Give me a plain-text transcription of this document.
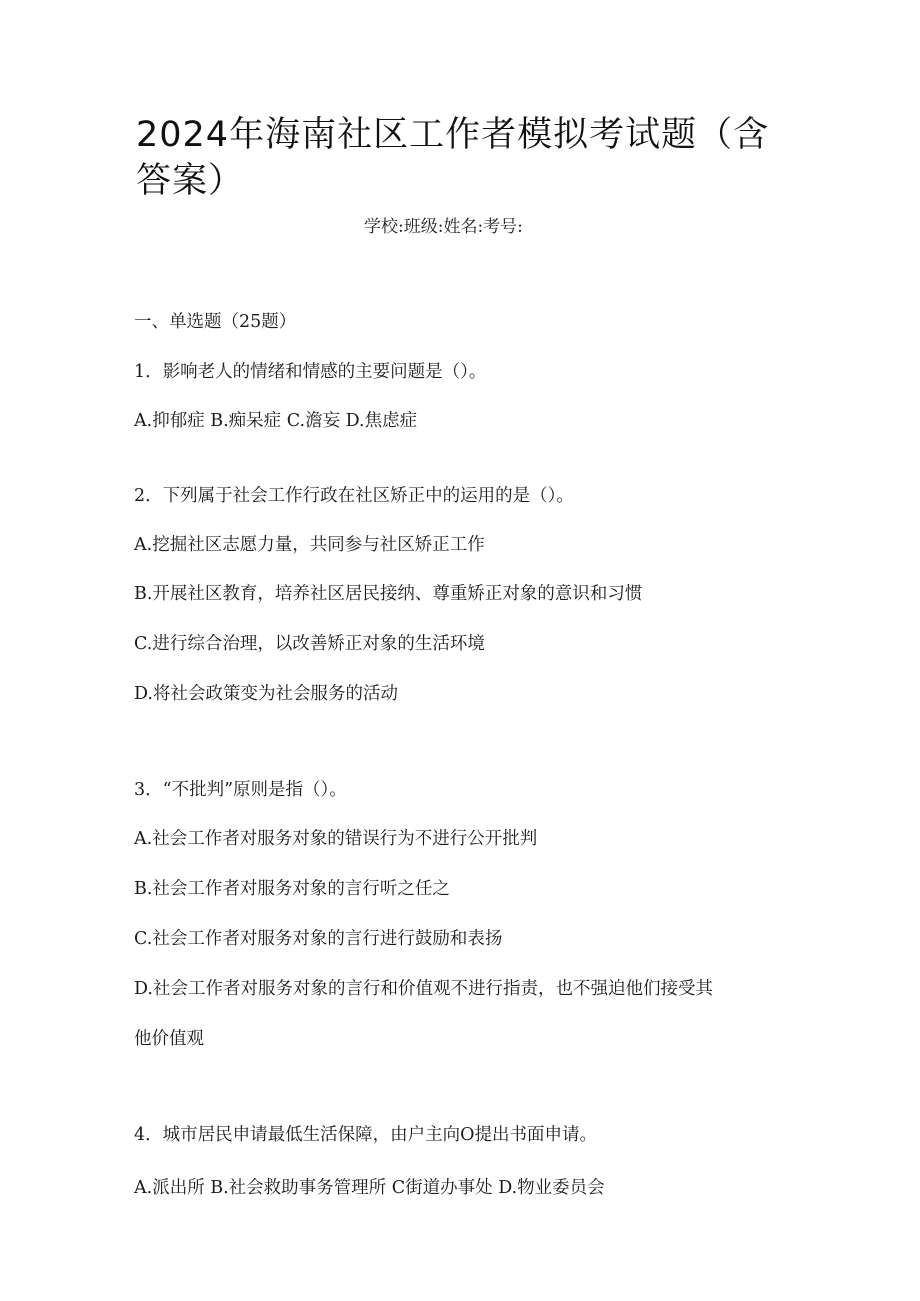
2024年海南社区工作者模拟考试题（含答案）
学校:班级:姓名:考号:
一、单选题（25题）
1．影响老人的情绪和情感的主要问题是（）。
A.抑郁症 B.痴呆症 C.澹妄 D.焦虑症
2．下列属于社会工作行政在社区矫正中的运用的是（）。
A.挖掘社区志愿力量，共同参与社区矫正工作
B.开展社区教育，培养社区居民接纳、尊重矫正对象的意识和习惯
C.进行综合治理，以改善矫正对象的生活环境
D.将社会政策变为社会服务的活动
3．“不批判”原则是指（）。
A.社会工作者对服务对象的错误行为不进行公开批判
B.社会工作者对服务对象的言行听之任之
C.社会工作者对服务对象的言行进行鼓励和表扬
D.社会工作者对服务对象的言行和价值观不进行指责，也不强迫他们接受其
他价值观
4．城市居民申请最低生活保障，由户主向O提出书面申请。
A.派出所 B.社会救助事务管理所 C街道办事处 D.物业委员会
